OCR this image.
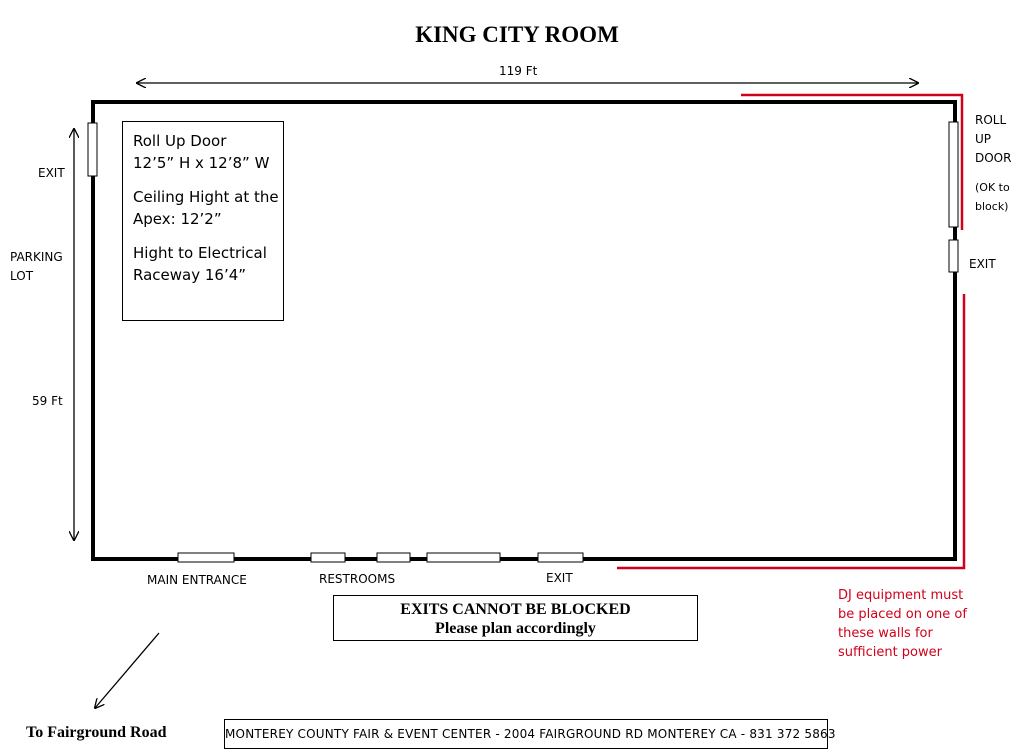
KING CITY ROOM
119 Ft
59 Ft
EXIT
PARKING
LOT
ROLL
UP
DOOR
(OK to
block)
EXIT
MAIN ENTRANCE	RESTROOMS	EXIT
Roll Up Door
12’5” H x 12’8” W
Ceiling Hight at the
Apex: 12’2”
Hight to Electrical
Raceway 16’4”
EXITS CANNOT BE BLOCKED
Please plan accordingly
DJ equipment must
be placed on one of
these walls for
sufficient power
To Fairground Road	MONTEREY COUNTY FAIR & EVENT CENTER - 2004 FAIRGROUND RD MONTEREY CA - 831 372 5863
